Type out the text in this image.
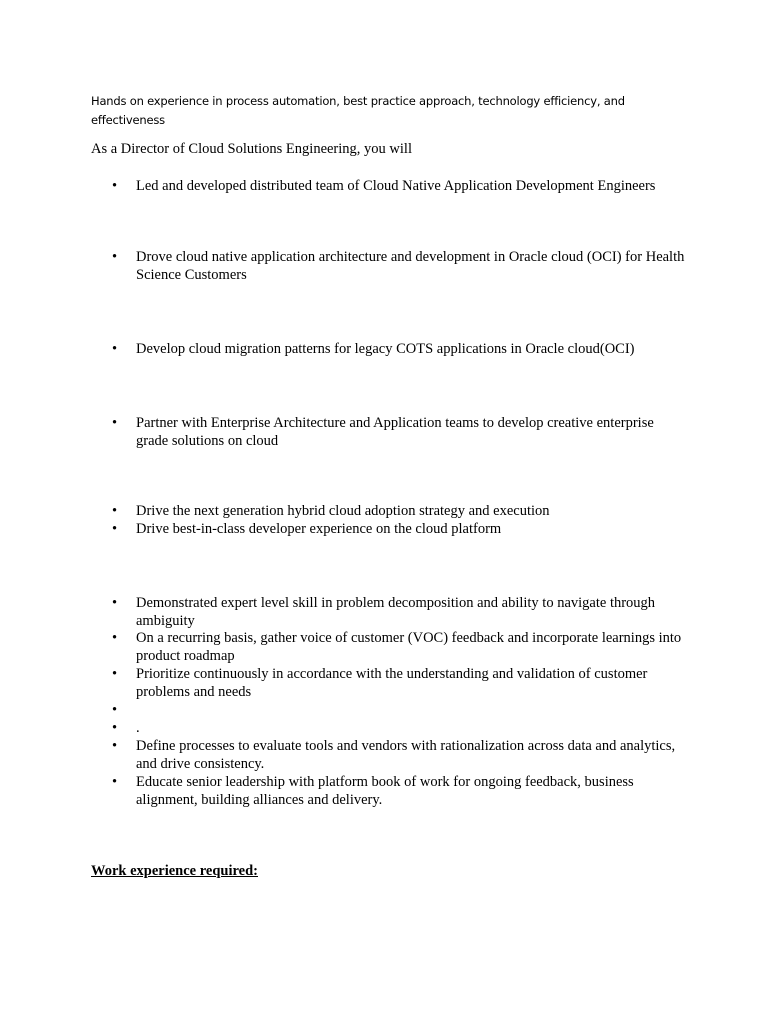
Hands on experience in process automation, best practice approach, technology efficiency, and effectiveness
As a Director of Cloud Solutions Engineering, you will
•	Led and developed distributed team of Cloud Native Application Development Engineers
•	Drove cloud native application architecture and development in Oracle cloud (OCI) for Health Science Customers
•	Develop cloud migration patterns for legacy COTS applications in Oracle cloud(OCI)
•	Partner with Enterprise Architecture and Application teams to develop creative enterprise grade solutions on cloud
•	Drive the next generation hybrid cloud adoption strategy and execution
•	Drive best-in-class developer experience on the cloud platform
•	Demonstrated expert level skill in problem decomposition and ability to navigate through ambiguity
•	On a recurring basis, gather voice of customer (VOC) feedback and incorporate learnings into product roadmap
•	Prioritize continuously in accordance with the understanding and validation of customer problems and needs
•
•	.
•	Define processes to evaluate tools and vendors with rationalization across data and analytics, and drive consistency.
•	Educate senior leadership with platform book of work for ongoing feedback, business alignment, building alliances and delivery.
Work experience required:
